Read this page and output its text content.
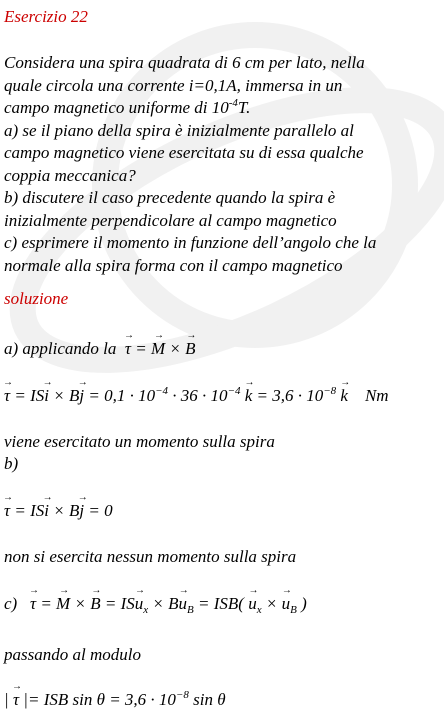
Esercizio 22
Considera una spira quadrata di 6 cm per lato, nella
quale circola una corrente i=0,1A, immersa in un
campo magnetico uniforme di $10^{-4}T$.
a) se il piano della spira è inizialmente parallelo al
campo magnetico viene esercitata su di essa qualche
coppia meccanica?
b) discutere il caso precedente quando la spira è
inizialmente perpendicolare al campo magnetico
c) esprimere il momento in funzione dell’angolo che la
normale alla spira forma con il campo magnetico
soluzione
a) applicando la → τ = → M × → B
→ $\tau = IS\to i \times B\to j = 0,1 \cdot 10^{-4} \cdot 36 \cdot 10^{-4} \to k = 3,6 \cdot 10^{-8} \to k$ Nm

viene esercitato un momento sulla spira

b)

→ τ = IS→ i × B→ j = 0

non si esercita nessun momento sulla spira

c) → τ = → M × → $B = IS\to u_x \times B\to u_B = ISB( \to u_x$ × → $u_B$ )

passando al modulo

| → τ |= ISB $\sin \theta = 3,6 \cdot 10^{-8}$ sin θ
